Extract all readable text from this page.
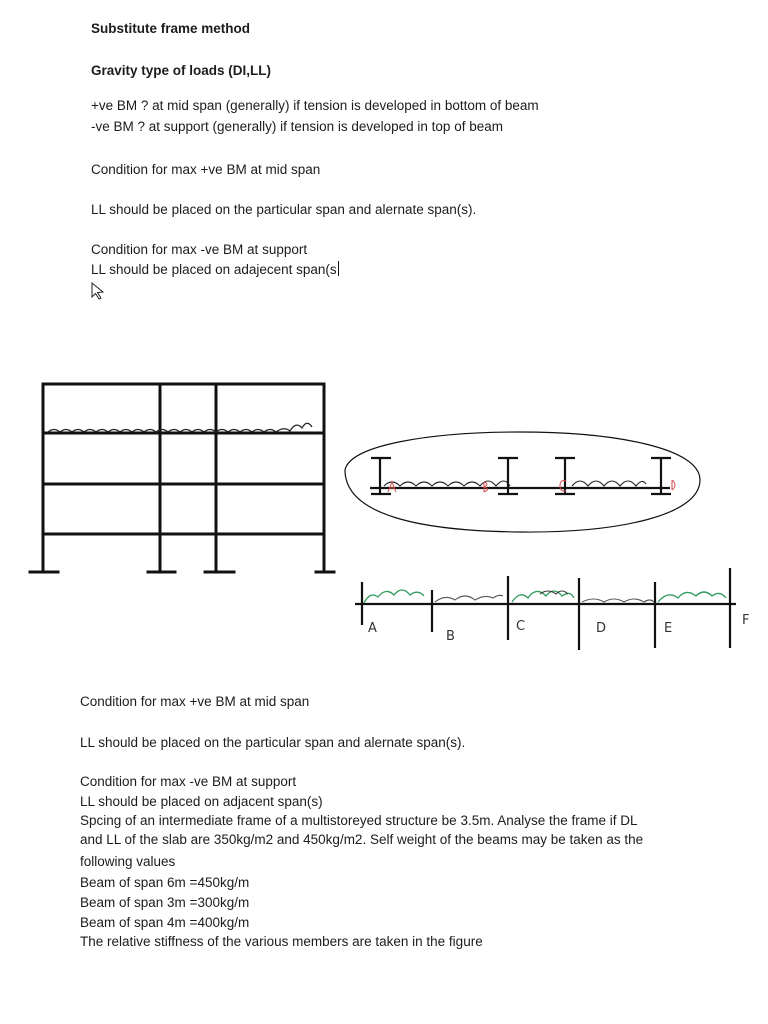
Substitute frame method
Gravity type of loads (DI,LL)
+ve BM ? at mid span (generally) if tension is developed in bottom of beam
-ve BM ? at support (generally) if tension is developed in top of beam
Condition for max +ve BM at mid span
LL should be placed on the particular span and alernate span(s).
Condition for max -ve BM at support
LL should be placed on adajecent span(s
A
B
C	D	E
F
Condition for max +ve BM at mid span
LL should be placed on the particular span and alernate span(s).
Condition for max -ve BM at support
LL should be placed on adjacent span(s)
Spcing of an intermediate frame of a multistoreyed structure be 3.5m. Analyse the frame if DL
and LL of the slab are 350kg/m2 and 450kg/m2. Self weight of the beams may be taken as the
following values
Beam of span 6m =450kg/m
Beam of span 3m =300kg/m
Beam of span 4m =400kg/m
The relative stiffness of the various members are taken in the figure
